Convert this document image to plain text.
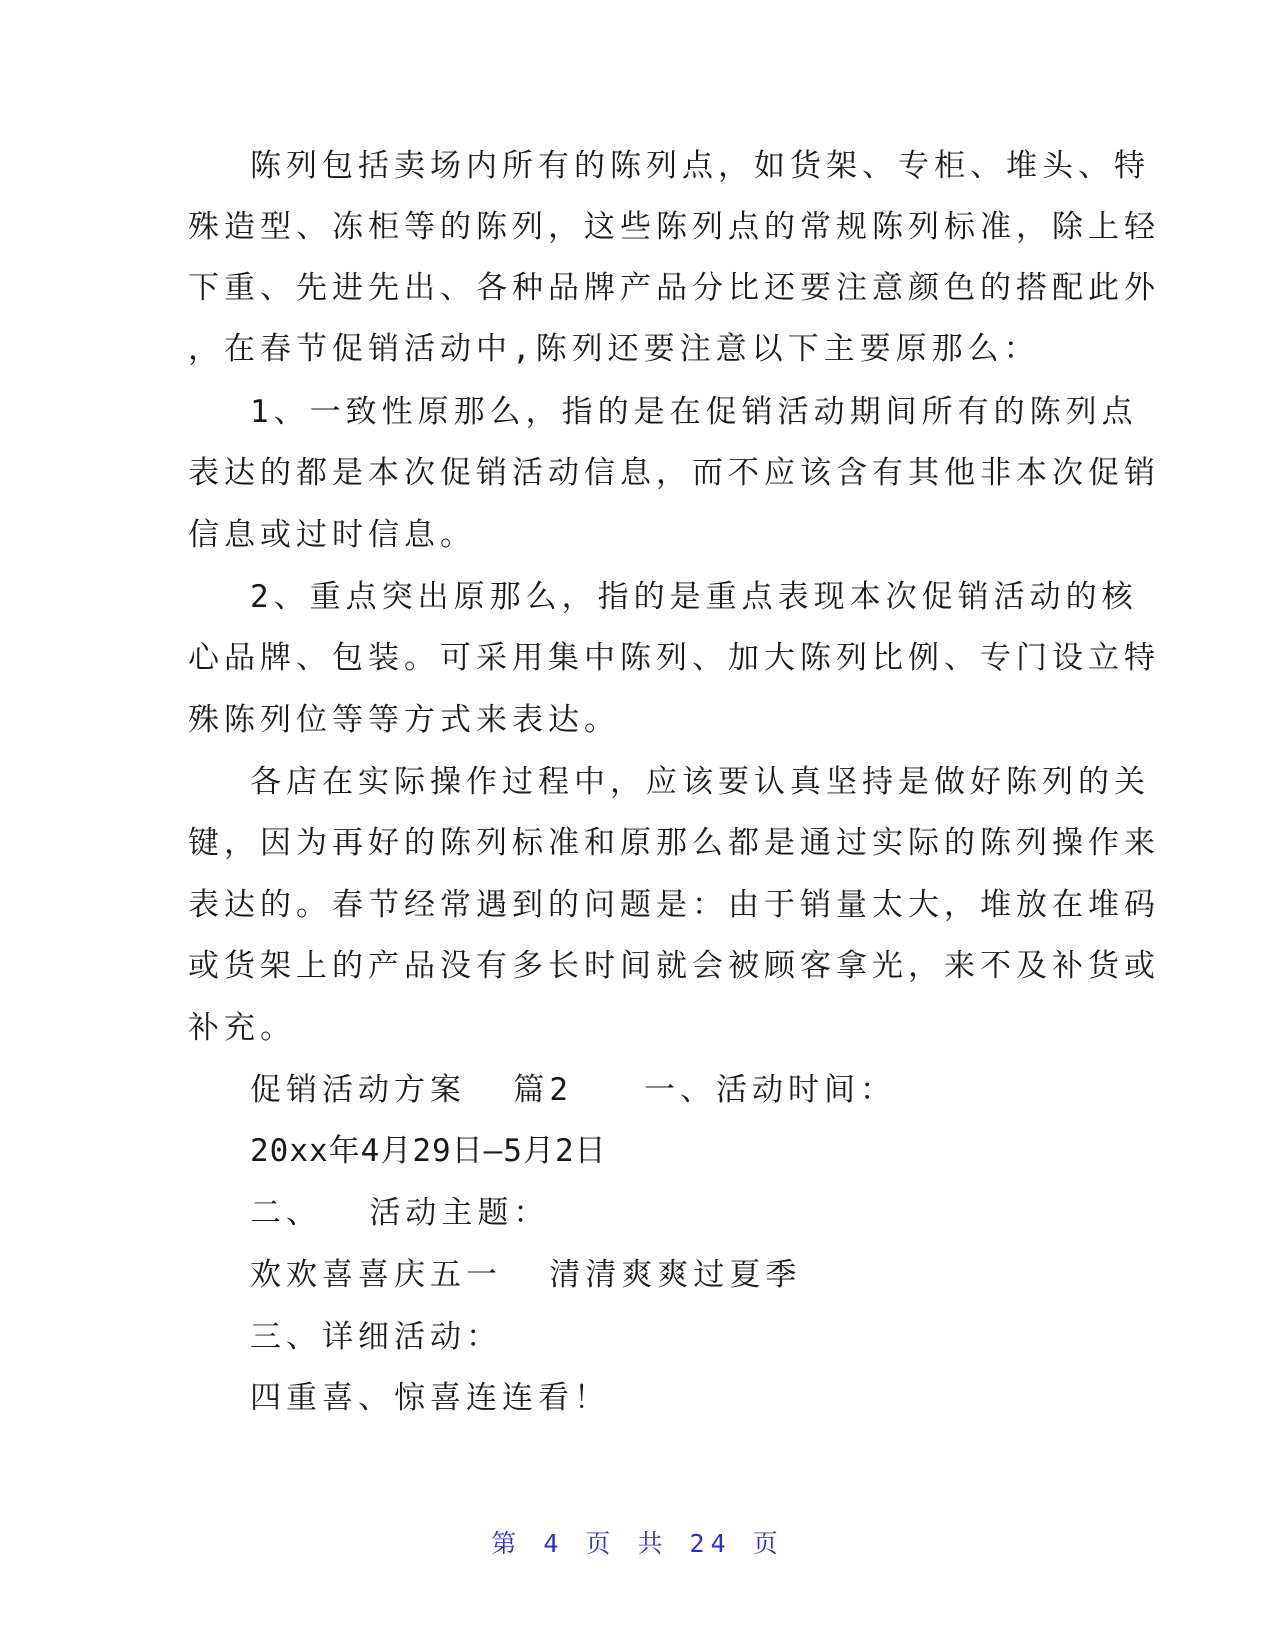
陈列包括卖场内所有的陈列点，如货架、专柜、堆头、特
殊造型、冻柜等的陈列，这些陈列点的常规陈列标准，除上轻
下重、先进先出、各种品牌产品分比还要注意颜色的搭配此外
，在春节促销活动中,陈列还要注意以下主要原那么：
1、一致性原那么，指的是在促销活动期间所有的陈列点
表达的都是本次促销活动信息，而不应该含有其他非本次促销
信息或过时信息。
2、重点突出原那么，指的是重点表现本次促销活动的核
心品牌、包装。可采用集中陈列、加大陈列比例、专门设立特
殊陈列位等等方式来表达。
各店在实际操作过程中，应该要认真坚持是做好陈列的关
键，因为再好的陈列标准和原那么都是通过实际的陈列操作来
表达的。春节经常遇到的问题是：由于销量太大，堆放在堆码
或货架上的产品没有多长时间就会被顾客拿光，来不及补货或
补充。
促销活动方案  篇2   一、活动时间：
20xx年4月29日—5月2日
二、  活动主题：
欢欢喜喜庆五一  清清爽爽过夏季
三、详细活动：
四重喜、惊喜连连看！
第 4 页 共 24 页
